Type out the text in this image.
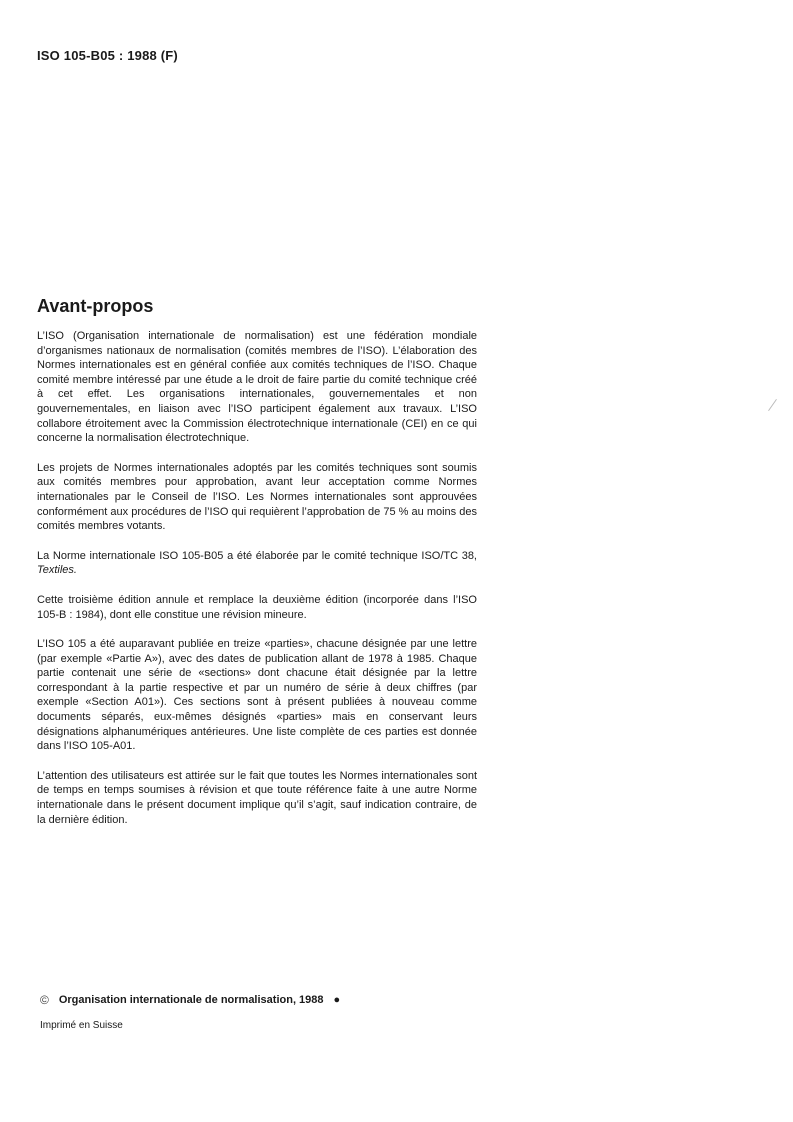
ISO 105-B05 : 1988 (F)
Avant-propos

L’ISO (Organisation internationale de normalisation) est une fédération mondiale d’organismes nationaux de normalisation (comités membres de l’ISO). L’élaboration des Normes internationales est en général confiée aux comités techniques de l’ISO. Chaque comité membre intéressé par une étude a le droit de faire partie du comité technique créé à cet effet. Les organisations internationales, gouvernementales et non gouvernementales, en liaison avec l’ISO participent également aux travaux. L’ISO collabore étroitement avec la Commission électrotechnique internationale (CEI) en ce qui concerne la normalisation électrotechnique.

Les projets de Normes internationales adoptés par les comités techniques sont soumis aux comités membres pour approbation, avant leur acceptation comme Normes internationales par le Conseil de l’ISO. Les Normes internationales sont approuvées conformément aux procédures de l’ISO qui requièrent l’approbation de 75 % au moins des comités membres votants.

La Norme internationale ISO 105-B05 a été élaborée par le comité technique ISO/TC 38, Textiles.

Cette troisième édition annule et remplace la deuxième édition (incorporée dans l’ISO 105-B : 1984), dont elle constitue une révision mineure.

L’ISO 105 a été auparavant publiée en treize «parties», chacune désignée par une lettre (par exemple «Partie A»), avec des dates de publication allant de 1978 à 1985. Chaque partie contenait une série de «sections» dont chacune était désignée par la lettre correspondant à la partie respective et par un numéro de série à deux chiffres (par exemple «Section A01»). Ces sections sont à présent publiées à nouveau comme documents séparés, eux-mêmes désignés «parties» mais en conservant leurs désignations alphanumériques antérieures. Une liste complète de ces parties est donnée dans l’ISO 105-A01.

L’attention des utilisateurs est attirée sur le fait que toutes les Normes internationales sont de temps en temps soumises à révision et que toute référence faite à une autre Norme internationale dans le présent document implique qu’il s’agit, sauf indication contraire, de la dernière édition.

© Organisation internationale de normalisation, 1988 ●
Imprimé en Suisse
